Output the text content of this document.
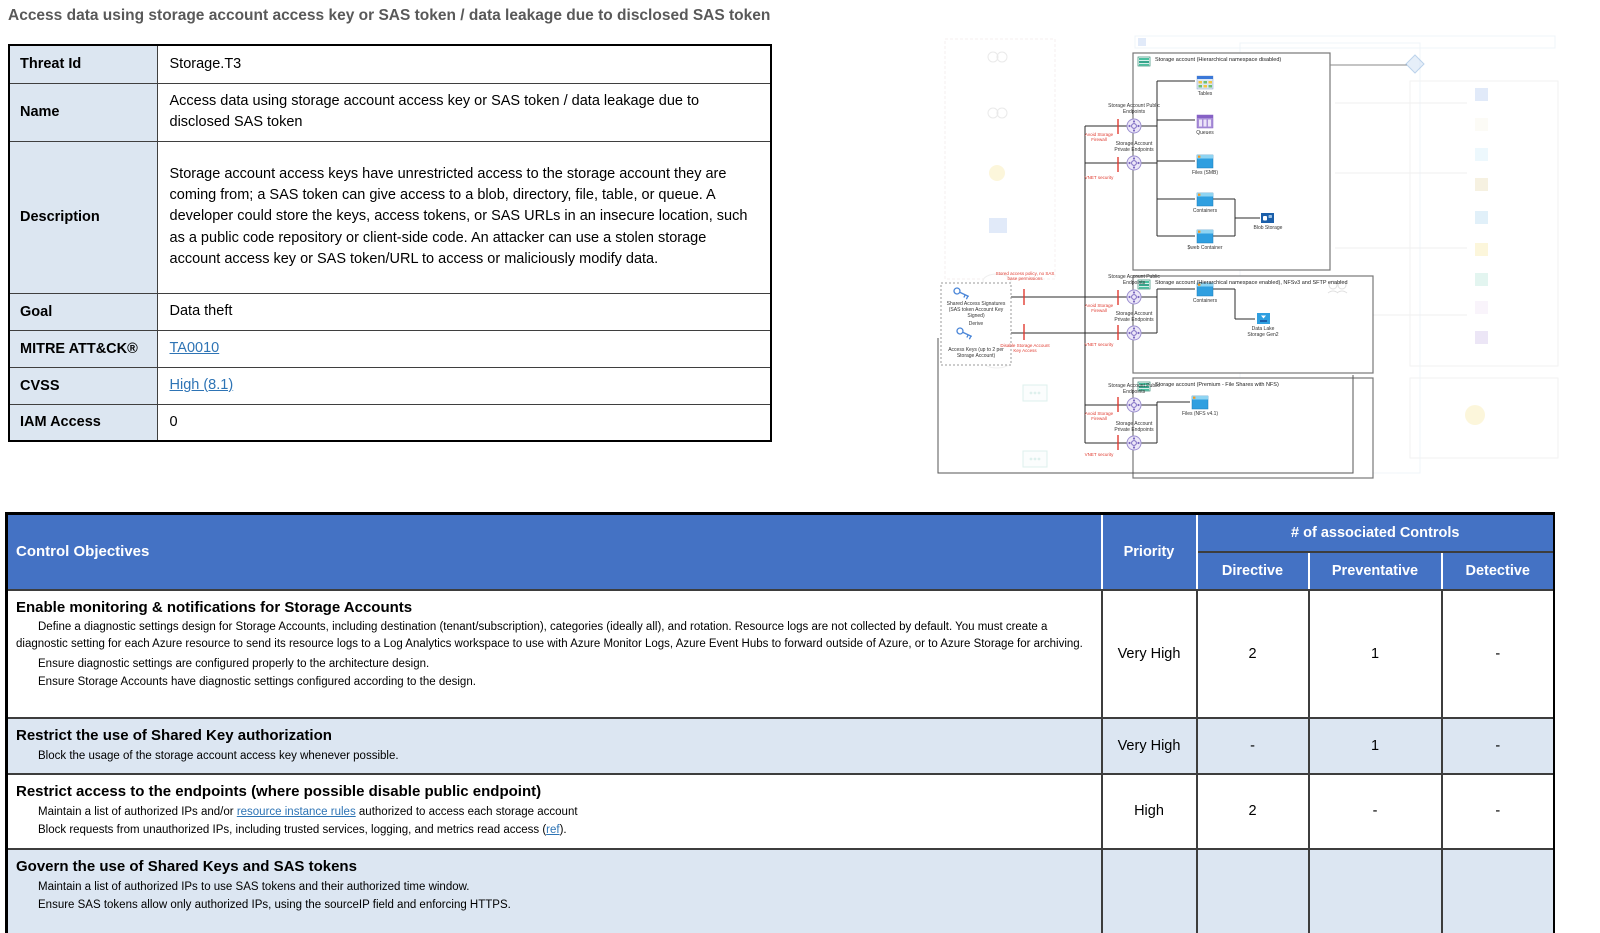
Access data using storage account access key or SAS token / data leakage due to disclosed SAS token
Threat Id	Storage.T3
Name	Access data using storage account access key or SAS token / data leakage due to disclosed SAS token
Description	Storage account access keys have unrestricted access to the storage account they are coming from; a SAS token can give access to a blob, directory, file, table, or queue. A developer could store the keys, access tokens, or SAS URLs in an insecure location, such as a public code repository or client-side code. An attacker can use a stolen storage account access key or SAS token/URL to access or maliciously modify data.
Goal	Data theft
MITRE ATT&CK®	TA0010
CVSS	High (8.1)
IAM Access	0
Storage account (Hierarchical namespace disabled)
Storage account (Hierarchical namespace enabled), NFSv3 and SFTP enabled
Storage account (Premium - File Shares with NFS)
Storage Account Public Endpoints
Storage Account Private Endpoints
Storage Account Public Endpoints
Storage Account Private Endpoints
Storage Account Public Endpoints
Storage Account Private Endpoints
Tables
Queues
Files (SMB)
Containers
$web Container
Blob Storage
Containers
Data Lake Storage Gen2
Files (NFS v4.1)
Shared Access Signatures (SAS token Account Key Signed)
Derive
Access Keys (up to 2 per Storage Account)
Stored access policy, no SAS base permissions
Disable Storage Account Key Access
Avoid Storage Firewall
VNET security
Avoid Storage Firewall
VNET security
Avoid Storage Firewall
VNET security
Control Objectives	Priority	# of associated Controls		
		Directive	Preventative	Detective

Enable monitoring & notifications for Storage Accounts
Define a diagnostic settings design for Storage Accounts, including destination (tenant/subscription), categories (ideally all), and rotation. Resource logs are not collected by default. You must create a diagnostic setting for each Azure resource to send its resource logs to a Log Analytics workspace to use with Azure Monitor Logs, Azure Event Hubs to forward outside of Azure, or to Azure Storage for archiving.
Ensure diagnostic settings are configured properly to the architecture design.
Ensure Storage Accounts have diagnostic settings configured according to the design.	Very High	2	1	-

Restrict the use of Shared Key authorization
Block the usage of the storage account access key whenever possible.	Very High	-	1	-

Restrict access to the endpoints (where possible disable public endpoint)
Maintain a list of authorized IPs and/or resource instance rules authorized to access each storage account
Block requests from unauthorized IPs, including trusted services, logging, and metrics read access (ref).	High	2	-	-

Govern the use of Shared Keys and SAS tokens
Maintain a list of authorized IPs to use SAS tokens and their authorized time window.
Ensure SAS tokens allow only authorized IPs, using the sourceIP field and enforcing HTTPS.				
